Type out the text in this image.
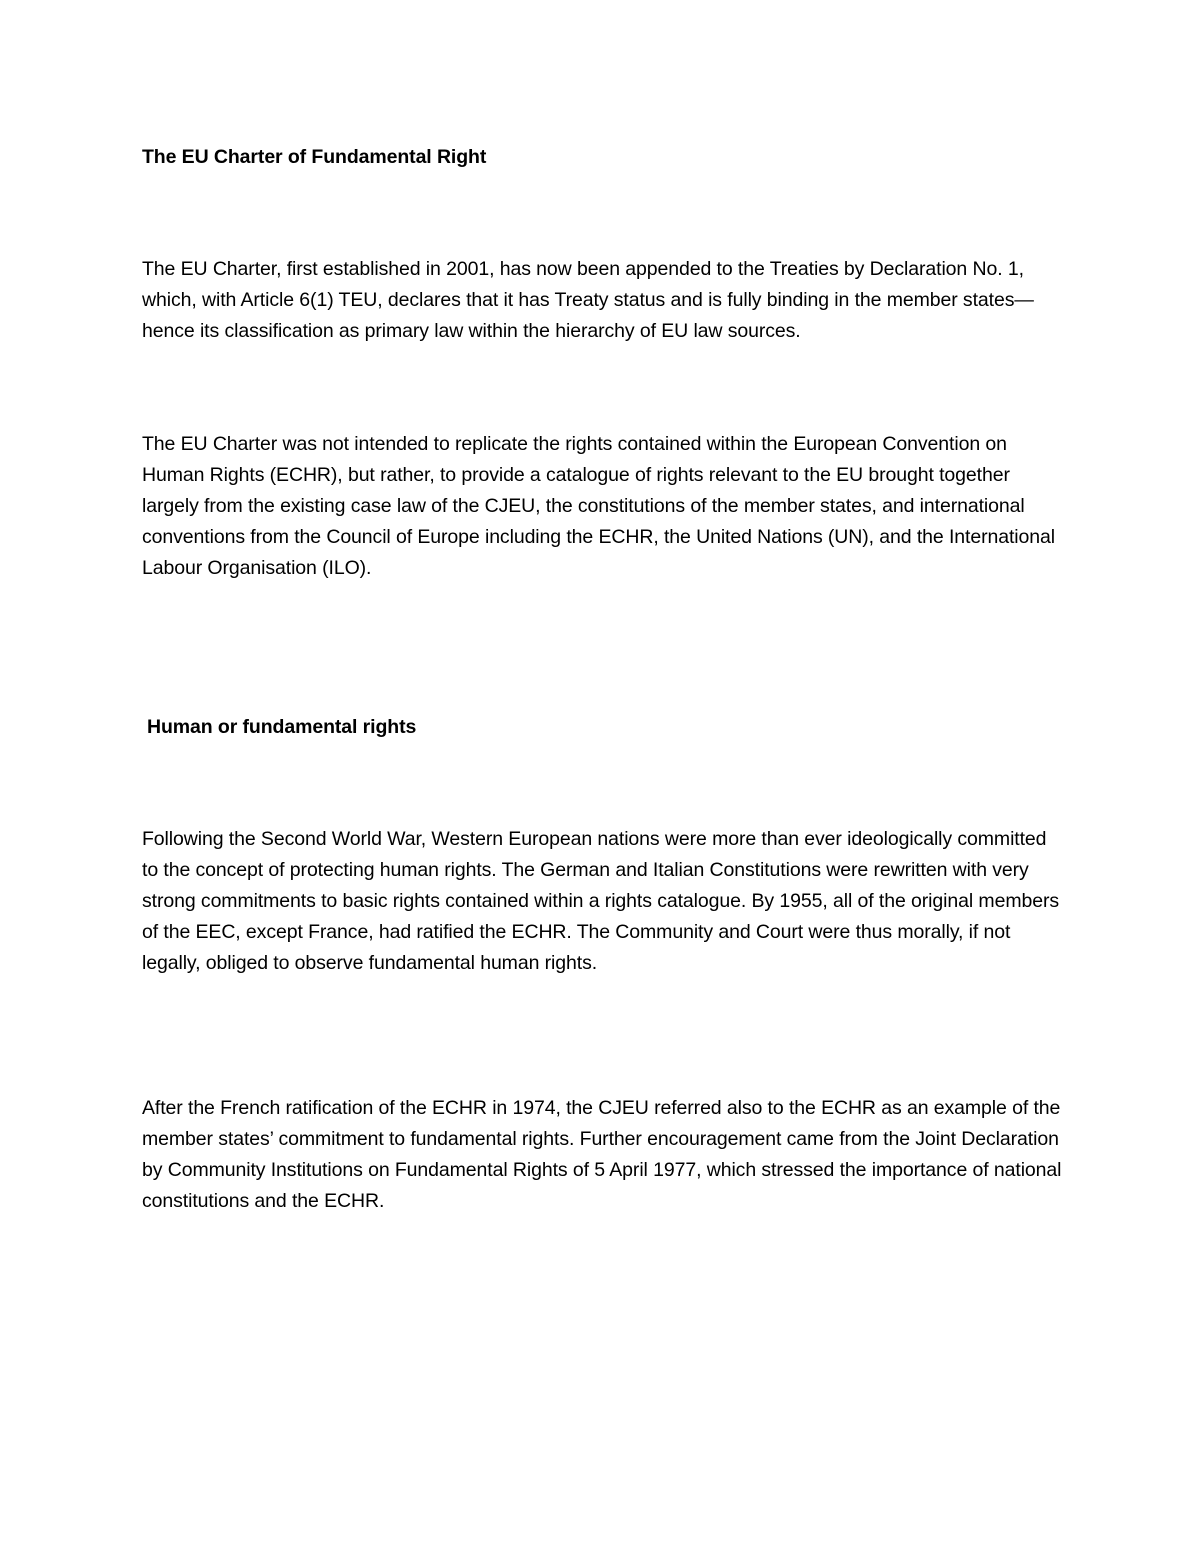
The EU Charter of Fundamental Right

The EU Charter, first established in 2001, has now been appended to the Treaties by Declaration No. 1, which, with Article 6(1) TEU, declares that it has Treaty status and is fully binding in the member states—hence its classification as primary law within the hierarchy of EU law sources.

The EU Charter was not intended to replicate the rights contained within the European Convention on Human Rights (ECHR), but rather, to provide a catalogue of rights relevant to the EU brought together largely from the existing case law of the CJEU, the constitutions of the member states, and international conventions from the Council of Europe including the ECHR, the United Nations (UN), and the International Labour Organisation (ILO).

Human or fundamental rights

Following the Second World War, Western European nations were more than ever ideologically committed to the concept of protecting human rights. The German and Italian Constitutions were rewritten with very strong commitments to basic rights contained within a rights catalogue. By 1955, all of the original members of the EEC, except France, had ratified the ECHR. The Community and Court were thus morally, if not legally, obliged to observe fundamental human rights.

After the French ratification of the ECHR in 1974, the CJEU referred also to the ECHR as an example of the member states’ commitment to fundamental rights. Further encouragement came from the Joint Declaration by Community Institutions on Fundamental Rights of 5 April 1977, which stressed the importance of national constitutions and the ECHR.
